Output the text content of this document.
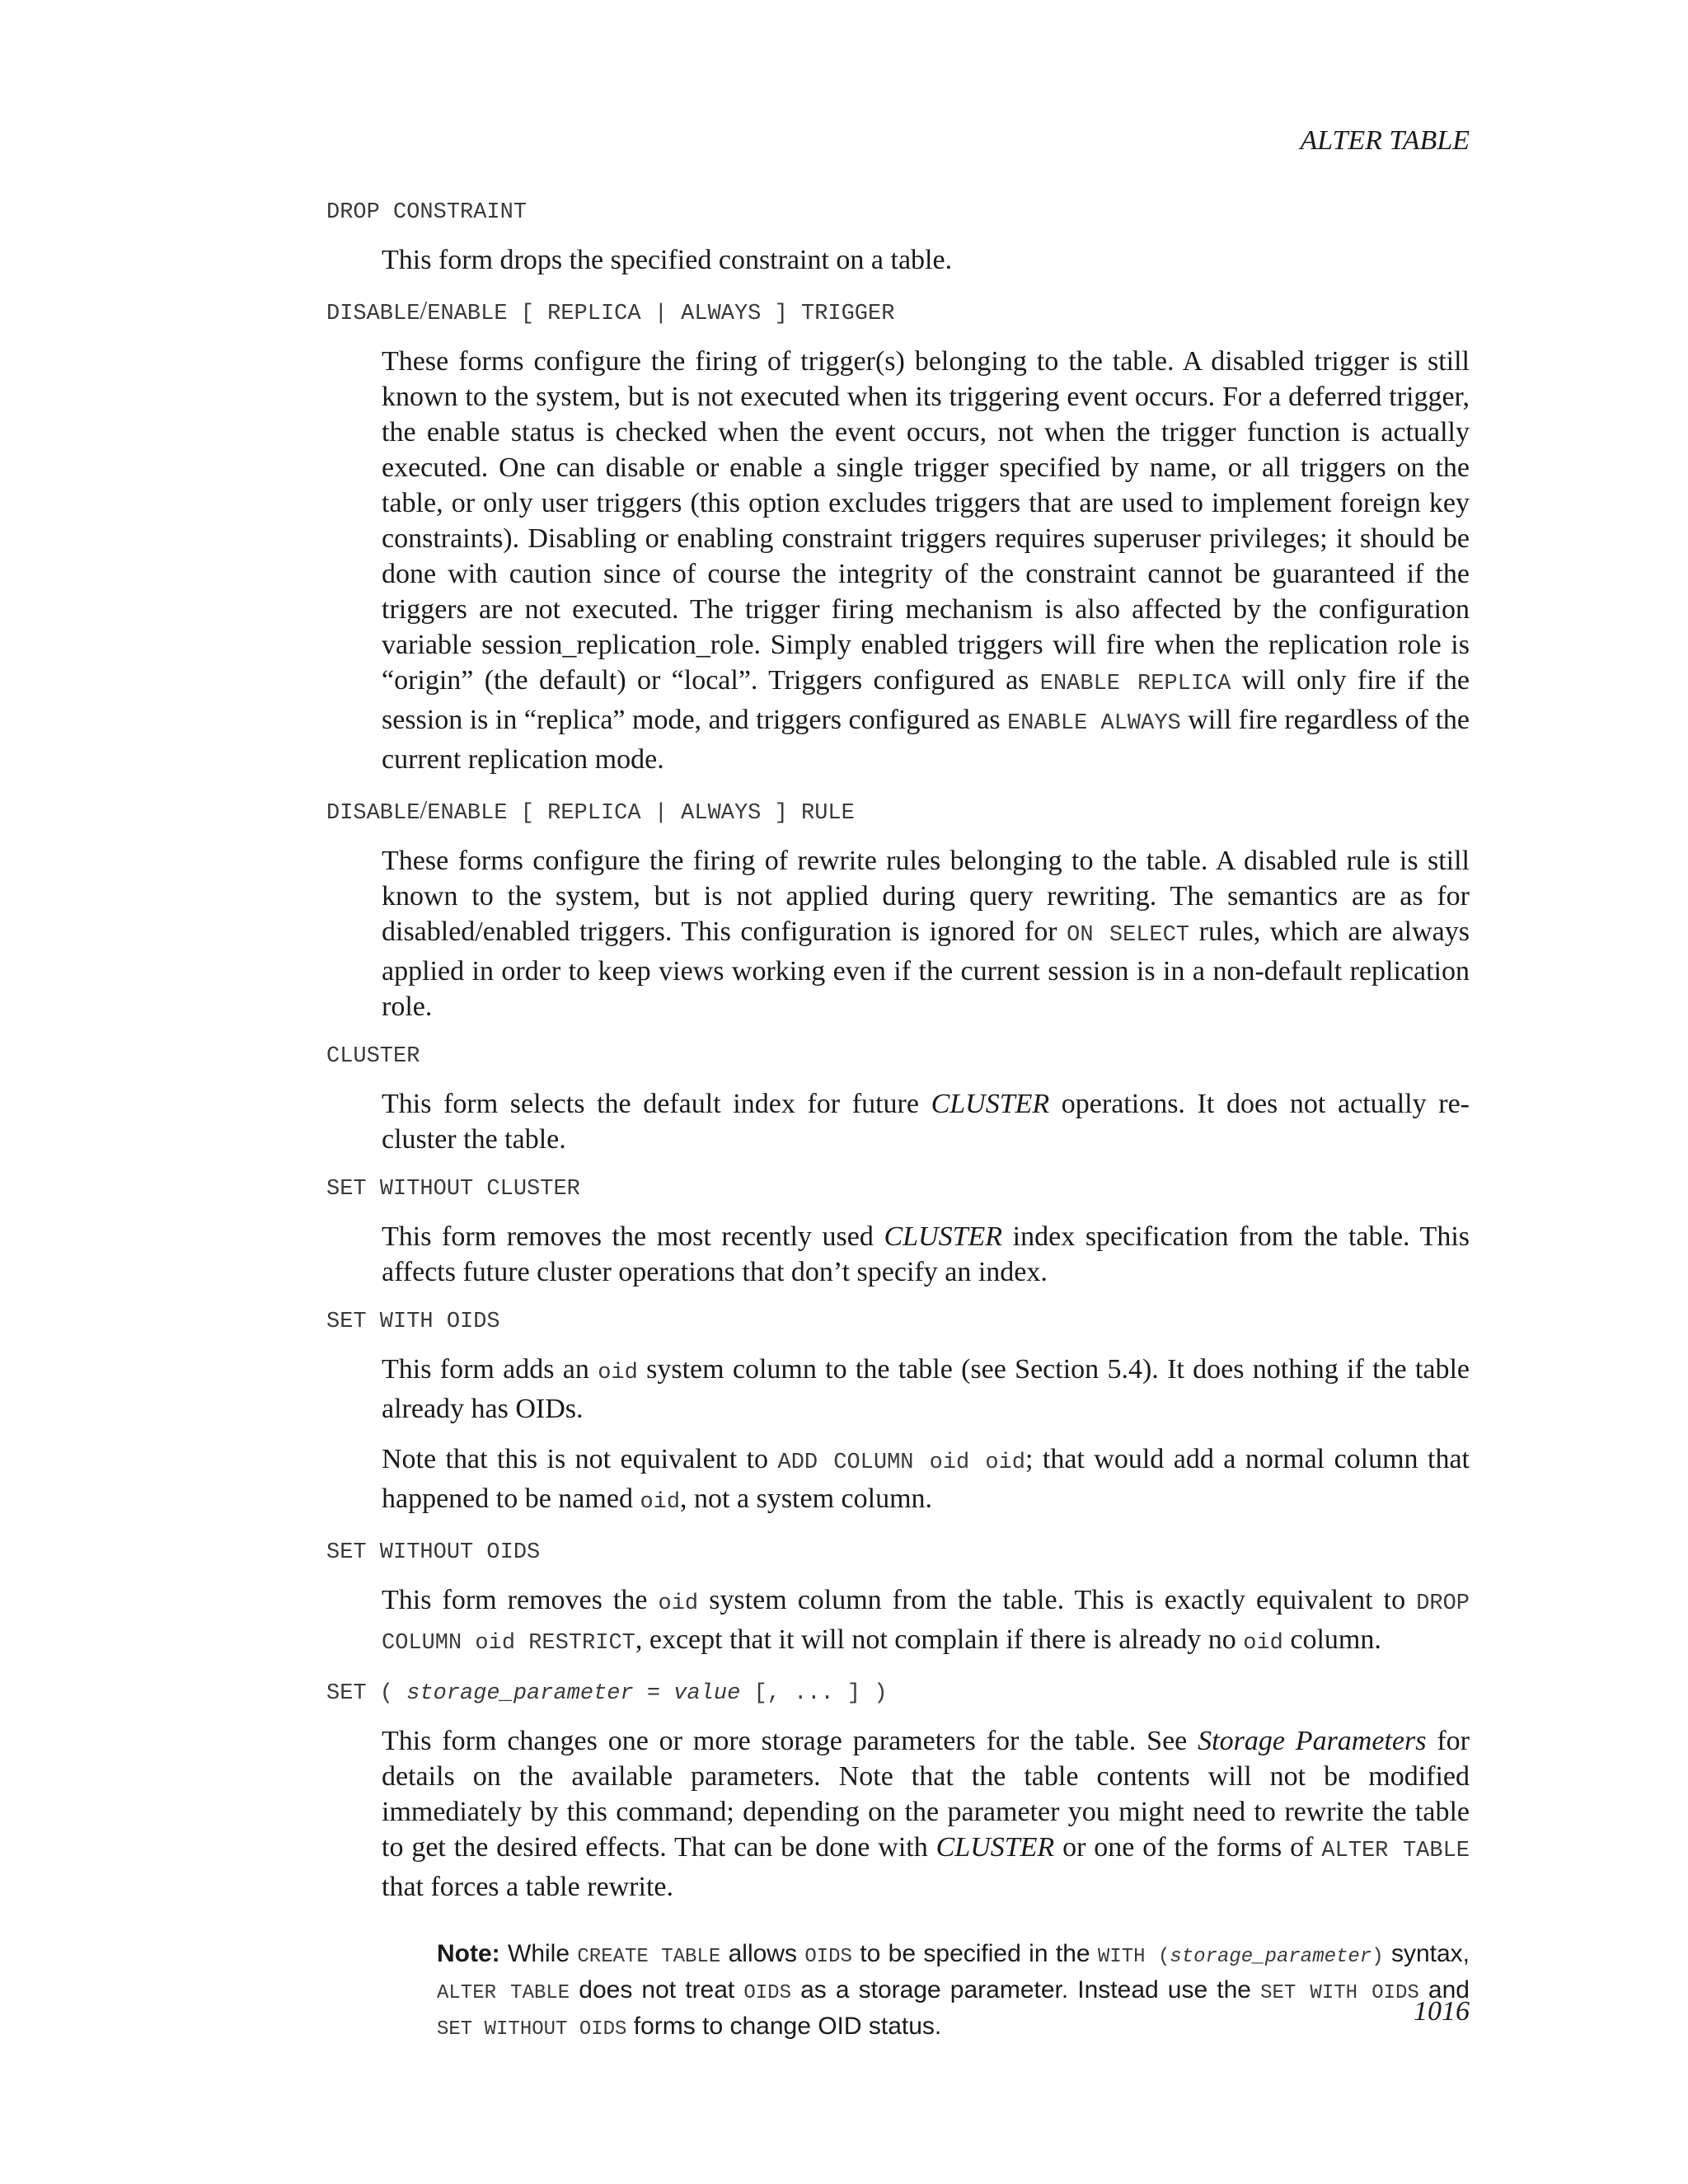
ALTER TABLE
DROP CONSTRAINT

This form drops the specified constraint on a table.

DISABLE/ENABLE [ REPLICA | ALWAYS ] TRIGGER

These forms configure the firing of trigger(s) belonging to the table. A disabled trigger is still known to the system, but is not executed when its triggering event occurs. For a deferred trigger, the enable status is checked when the event occurs, not when the trigger function is actually executed. One can disable or enable a single trigger specified by name, or all triggers on the table, or only user triggers (this option excludes triggers that are used to implement foreign key constraints). Disabling or enabling constraint triggers requires superuser privileges; it should be done with caution since of course the integrity of the constraint cannot be guaranteed if the triggers are not executed. The trigger firing mechanism is also affected by the configuration variable session_replication_role. Simply enabled triggers will fire when the replication role is “origin” (the default) or “local”. Triggers configured as ENABLE REPLICA will only fire if the session is in “replica” mode, and triggers configured as ENABLE ALWAYS will fire regardless of the current replication mode.

DISABLE/ENABLE [ REPLICA | ALWAYS ] RULE

These forms configure the firing of rewrite rules belonging to the table. A disabled rule is still known to the system, but is not applied during query rewriting. The semantics are as for disabled/enabled triggers. This configuration is ignored for ON SELECT rules, which are always applied in order to keep views working even if the current session is in a non-default replication role.

CLUSTER

This form selects the default index for future CLUSTER operations. It does not actually re-cluster the table.

SET WITHOUT CLUSTER

This form removes the most recently used CLUSTER index specification from the table. This affects future cluster operations that don’t specify an index.

SET WITH OIDS

This form adds an oid system column to the table (see Section 5.4). It does nothing if the table already has OIDs.

Note that this is not equivalent to ADD COLUMN oid oid; that would add a normal column that happened to be named oid, not a system column.

SET WITHOUT OIDS

This form removes the oid system column from the table. This is exactly equivalent to DROP COLUMN oid RESTRICT, except that it will not complain if there is already no oid column.

SET ( storage_parameter = value [, ... ] )

This form changes one or more storage parameters for the table. See Storage Parameters for details on the available parameters. Note that the table contents will not be modified immediately by this command; depending on the parameter you might need to rewrite the table to get the desired effects. That can be done with CLUSTER or one of the forms of ALTER TABLE that forces a table rewrite.

Note: While CREATE TABLE allows OIDS to be specified in the WITH (storage_parameter) syntax, ALTER TABLE does not treat OIDS as a storage parameter. Instead use the SET WITH OIDS and SET WITHOUT OIDS forms to change OID status.	1016
